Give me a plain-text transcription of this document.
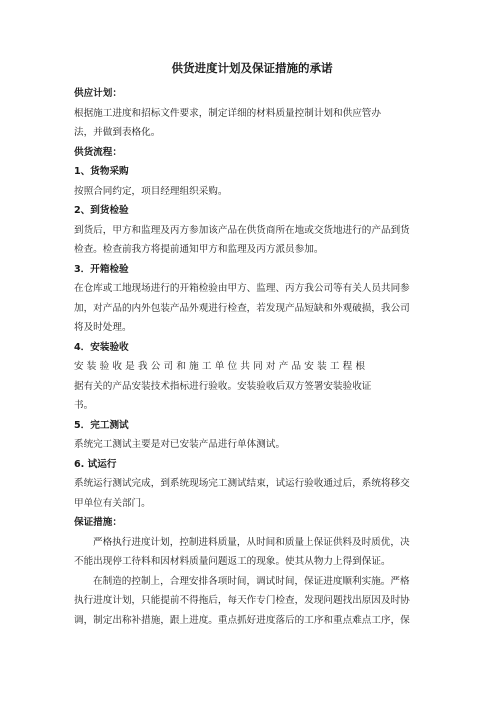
供货进度计划及保证措施的承诺
供应计划：
根据施工进度和招标文件要求，制定详细的材料质量控制计划和供应管办
法，并做到表格化。
供货流程：
1、货物采购
按照合同约定，项目经理组织采购。
2、到货检验
到货后，甲方和监理及丙方参加该产品在供货商所在地或交货地进行的产品到货
检查。检查前我方将提前通知甲方和监理及丙方派员参加。
3．开箱检验
在仓库或工地现场进行的开箱检验由甲方、监理、丙方我公司等有关人员共同参
加，对产品的内外包装产品外观进行检查，若发现产品短缺和外观破损，我公司
将及时处理。
4．安装验收
安装验收是我公司和施工单位共同对产品安装工程根
据有关的产品安装技术指标进行验收。安装验收后双方签署安装验收证
书。
5．完工测试
系统完工测试主要是对已安装产品进行单体测试。
6. 试运行
系统运行测试完成，到系统现场完工测试结束，试运行验收通过后，系统将移交
甲单位有关部门。
保证措施：
严格执行进度计划，控制进料质量，从时间和质量上保证供料及时质优，决
不能出现停工待料和因材料质量问题返工的现象。使其从物力上得到保证。
在制造的控制上，合理安排各项时间，调试时间，保证进度顺利实施。严格
执行进度计划，只能提前不得拖后，每天作专门检查，发现问题找出原因及时协
调，制定出称补措施，跟上进度。重点抓好进度落后的工序和重点难点工序，保
